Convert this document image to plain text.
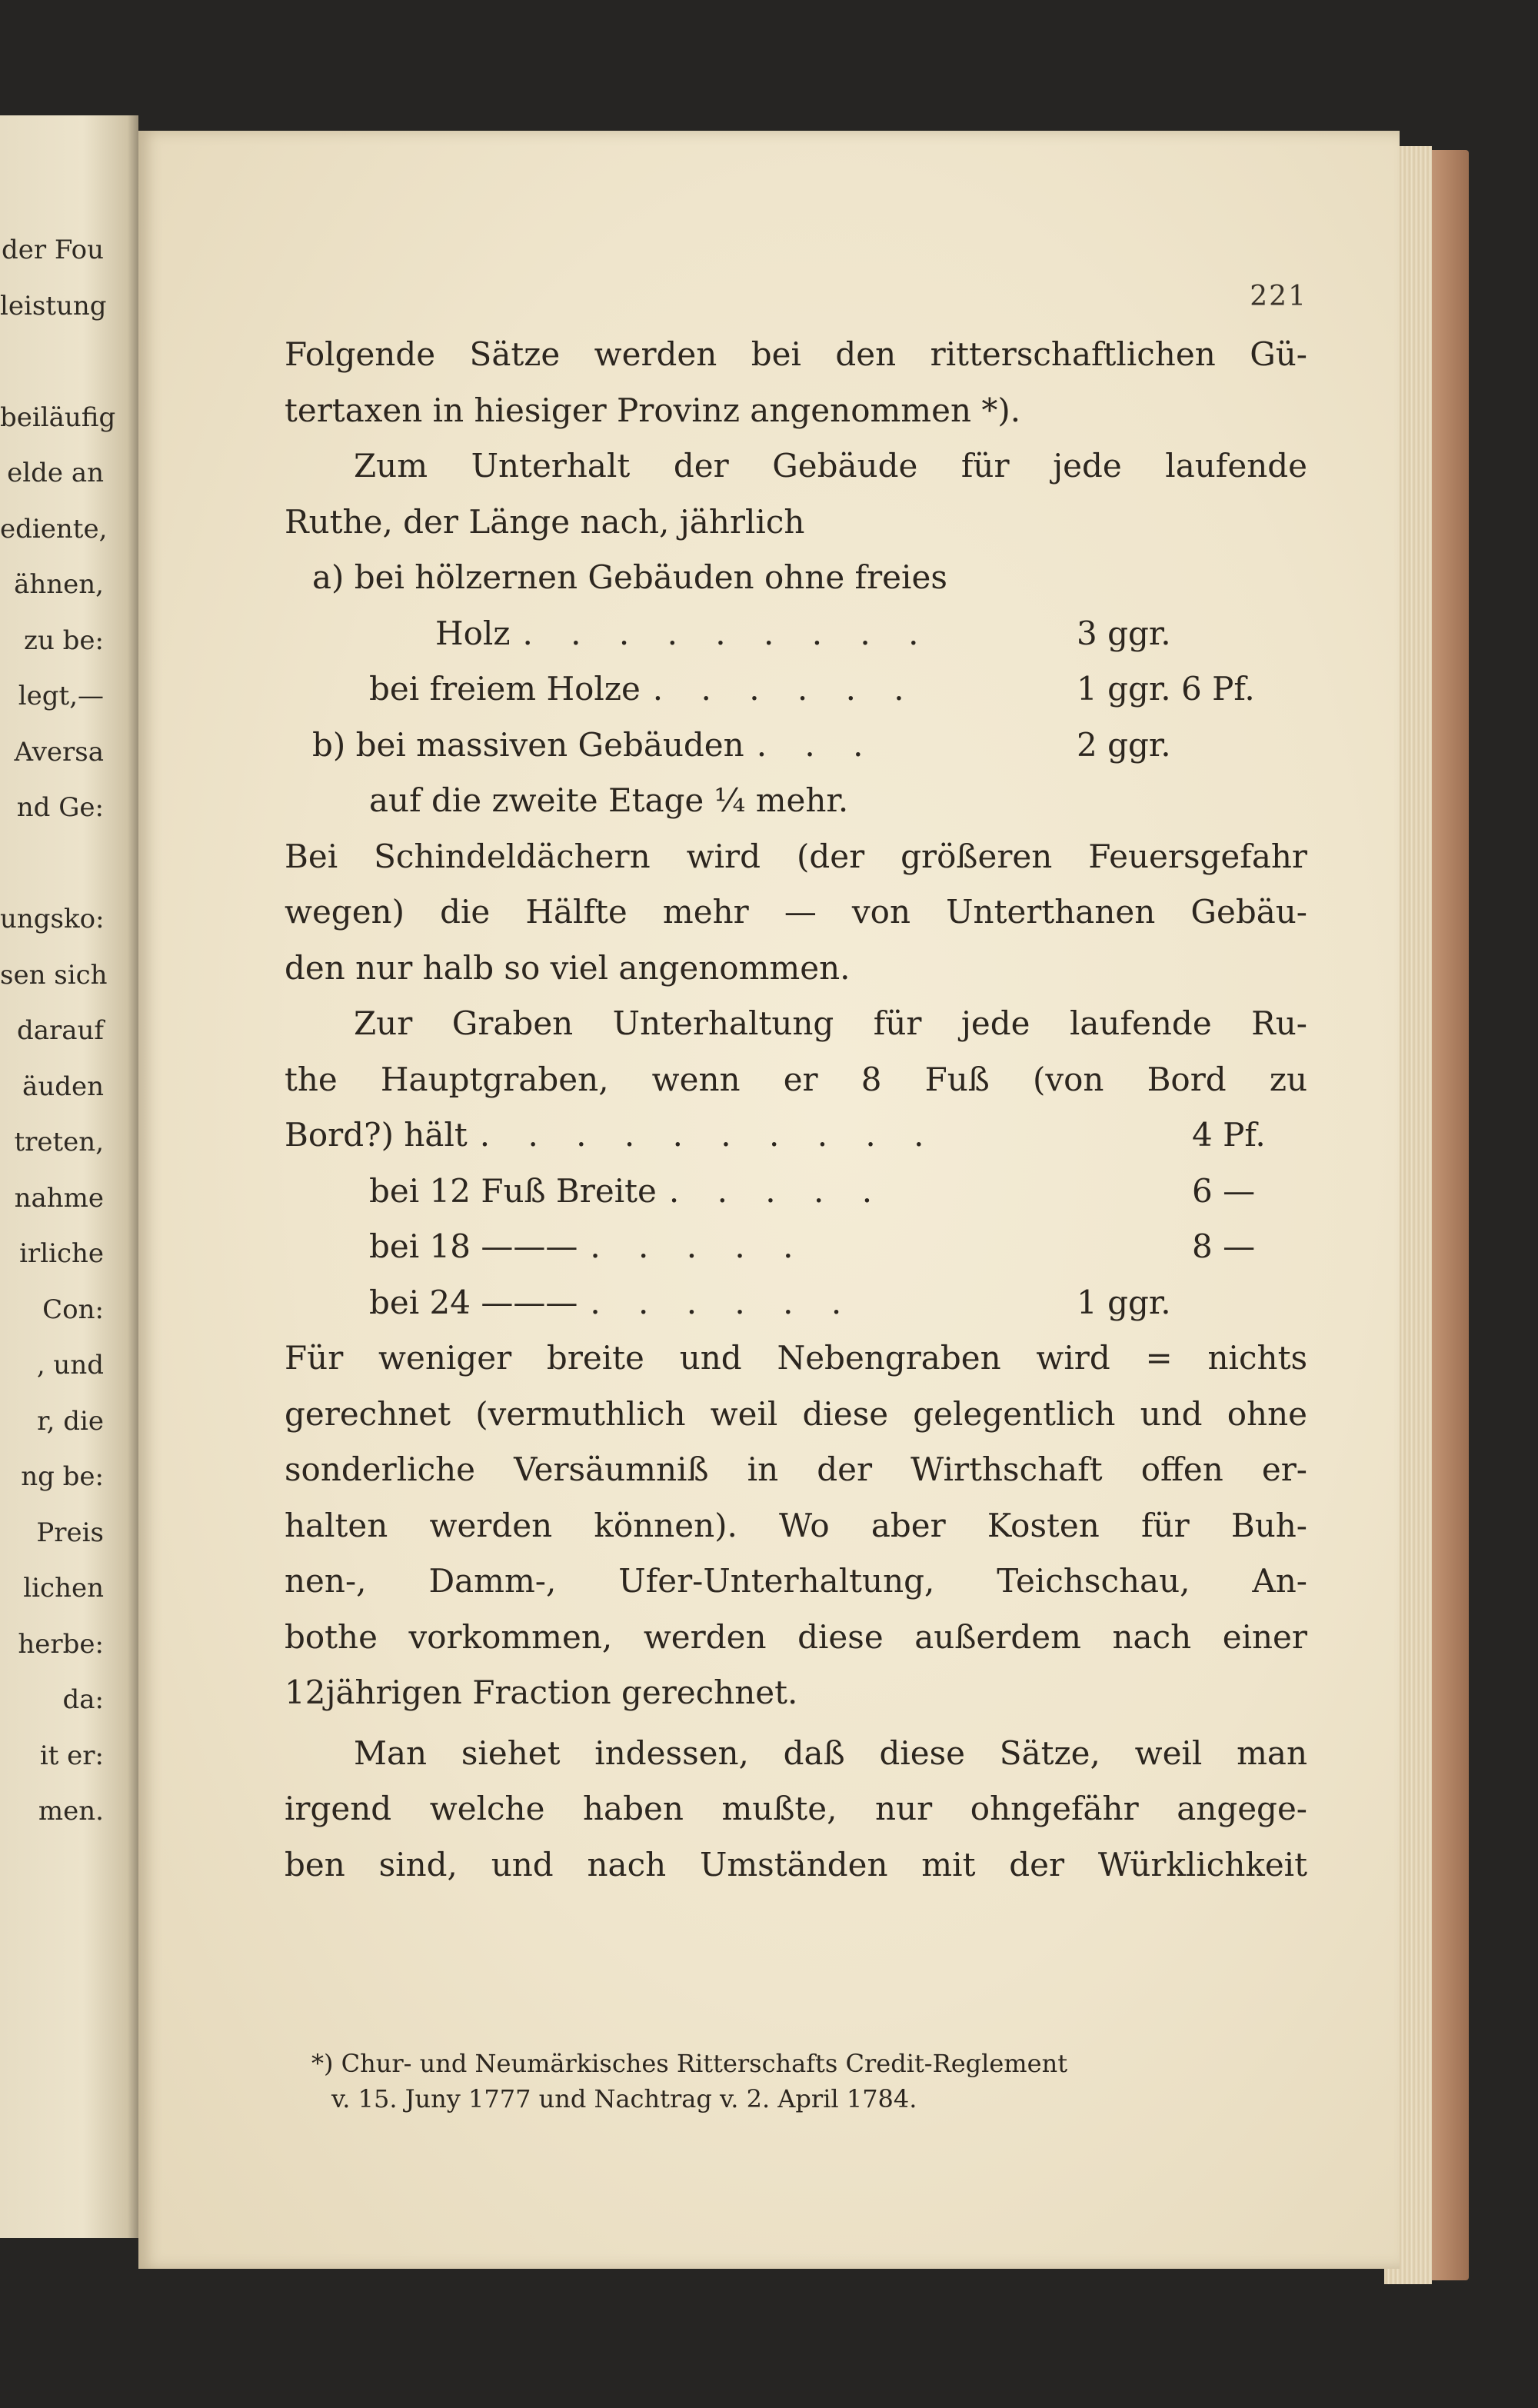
der Fou
leistung
beiläufig
elde an
ediente,
ähnen,
zu be:
legt,—
Aversa
nd Ge:
ungsko:
sen sich
darauf
äuden
treten,
nahme
irliche
Con:
, und
r, die
ng be:
Preis
lichen
herbe:
da:
it er:
men.
221
Folgende Sätze werden bei den ritterschaftlichen Gü-
tertaxen in hiesiger Provinz angenommen *).
Zum Unterhalt der Gebäude für jede laufende
Ruthe, der Länge nach, jährlich
a) bei hölzernen Gebäuden ohne freies
Holz . . . . . . . . .	3 ggr.
bei freiem Holze . . . . . .	1 ggr. 6 Pf.
b) bei massiven Gebäuden . . .	2 ggr.
auf die zweite Etage ¼ mehr.
Bei Schindeldächern wird (der größeren Feuersgefahr
wegen) die Hälfte mehr — von Unterthanen Gebäu-
den nur halb so viel angenommen.
Zur Graben Unterhaltung für jede laufende Ru-
the Hauptgraben, wenn er 8 Fuß (von Bord zu
Bord?) hält . . . . . . . . . .	4 Pf.
bei 12 Fuß Breite . . . . .	6 —
bei 18 ——— . . . . .	8 —
bei 24 ——— . . . . . .	1 ggr.
Für weniger breite und Nebengraben wird = nichts
gerechnet (vermuthlich weil diese gelegentlich und ohne
sonderliche Versäumniß in der Wirthschaft offen er-
halten werden können). Wo aber Kosten für Buh-
nen-, Damm-, Ufer-Unterhaltung, Teichschau, An-
bothe vorkommen, werden diese außerdem nach einer
12jährigen Fraction gerechnet.
Man siehet indessen, daß diese Sätze, weil man
irgend welche haben mußte, nur ohngefähr angege-
ben sind, und nach Umständen mit der Würklichkeit
*) Chur- und Neumärkisches Ritterschafts Credit-Reglement
v. 15. Juny 1777 und Nachtrag v. 2. April 1784.
